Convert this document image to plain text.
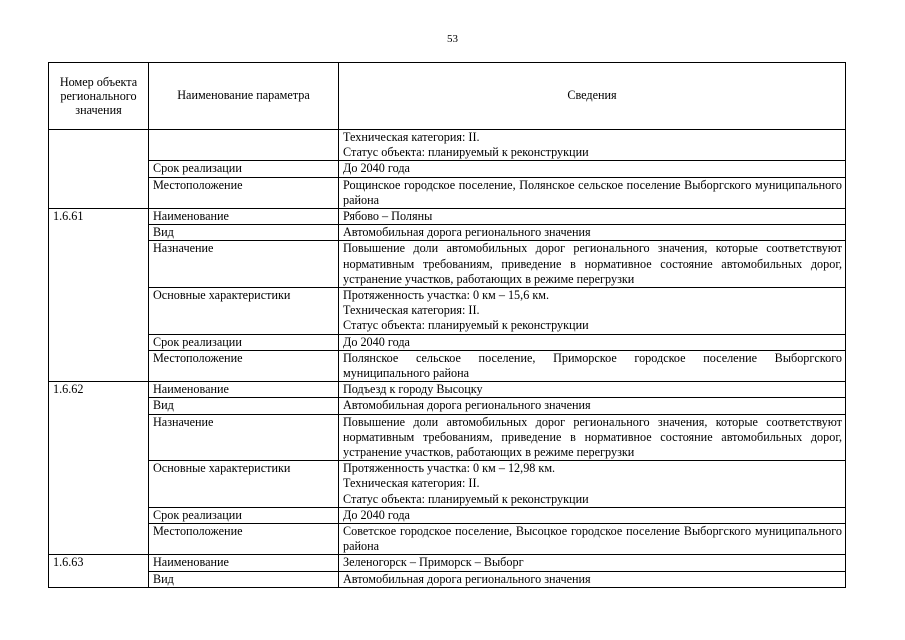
53
Номер объекта регионального значения	Наименование параметра	Сведения

		Техническая категория: II.
Статус объекта: планируемый к реконструкции

	Срок реализации	До 2040 года

	Местоположение	Рощинское городское поселение, Полянское сельское поселение Выборгского муниципального района

1.6.61	Наименование	Рябово – Поляны

	Вид	Автомобильная дорога регионального значения

	Назначение	Повышение доли автомобильных дорог регионального значения, которые соответствуют нормативным требованиям, приведение в нормативное состояние автомобильных дорог, устранение участков, работающих в режиме перегрузки

	Основные характеристики	Протяженность участка: 0 км – 15,6 км.
Техническая категория: II.
Статус объекта: планируемый к реконструкции

	Срок реализации	До 2040 года

	Местоположение	Полянское сельское поселение, Приморское городское поселение Выборгского муниципального района

1.6.62	Наименование	Подъезд к городу Высоцку

	Вид	Автомобильная дорога регионального значения

	Назначение	Повышение доли автомобильных дорог регионального значения, которые соответствуют нормативным требованиям, приведение в нормативное состояние автомобильных дорог, устранение участков, работающих в режиме перегрузки

	Основные характеристики	Протяженность участка: 0 км – 12,98 км.
Техническая категория: II.
Статус объекта: планируемый к реконструкции

	Срок реализации	До 2040 года

	Местоположение	Советское городское поселение, Высоцкое городское поселение Выборгского муниципального района

1.6.63	Наименование	Зеленогорск – Приморск – Выборг

	Вид	Автомобильная дорога регионального значения
